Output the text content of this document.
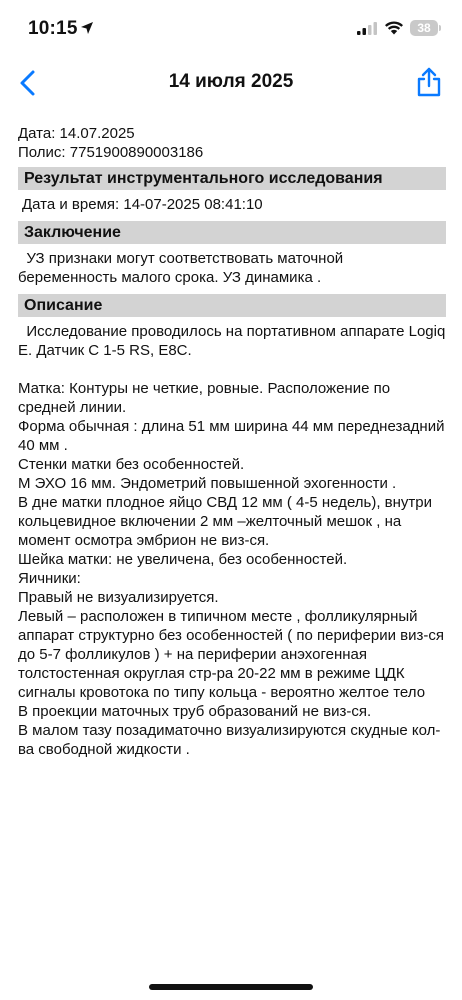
10:15	38
14 июля 2025

Дата: 14.07.2025

Полис: 7751900890003186

Результат инструментального исследования

Дата и время: 14-07-2025 08:41:10

Заключение

УЗ признаки могут соответствовать маточной беременность малого срока. УЗ динамика .

Описание

Исследование проводилось на портативном аппарате Logiq E. Датчик C 1-5 RS, E8C.

Матка: Контуры не четкие, ровные. Расположение по средней линии.
Форма обычная : длина 51 мм ширина 44 мм переднезадний 40 мм .
Стенки матки без особенностей.
М ЭХО 16 мм. Эндометрий повышенной эхогенности .
В дне матки плодное яйцо СВД 12 мм ( 4-5 недель), внутри кольцевидное включении 2 мм –желточный мешок , на момент осмотра эмбрион не виз-ся.
Шейка матки: не увеличена, без особенностей.
Яичники:
Правый не визуализируется.
Левый – расположен в типичном месте , фолликулярный аппарат структурно без особенностей ( по периферии виз-ся до 5-7 фолликулов ) + на периферии анэхогенная толстостенная округлая стр-ра 20-22 мм в режиме ЦДК сигналы кровотока по типу кольца - вероятно желтое тело
В проекции маточных труб образований не виз-ся.
В малом тазу позадиматочно визуализируются скудные кол-ва свободной жидкости .
